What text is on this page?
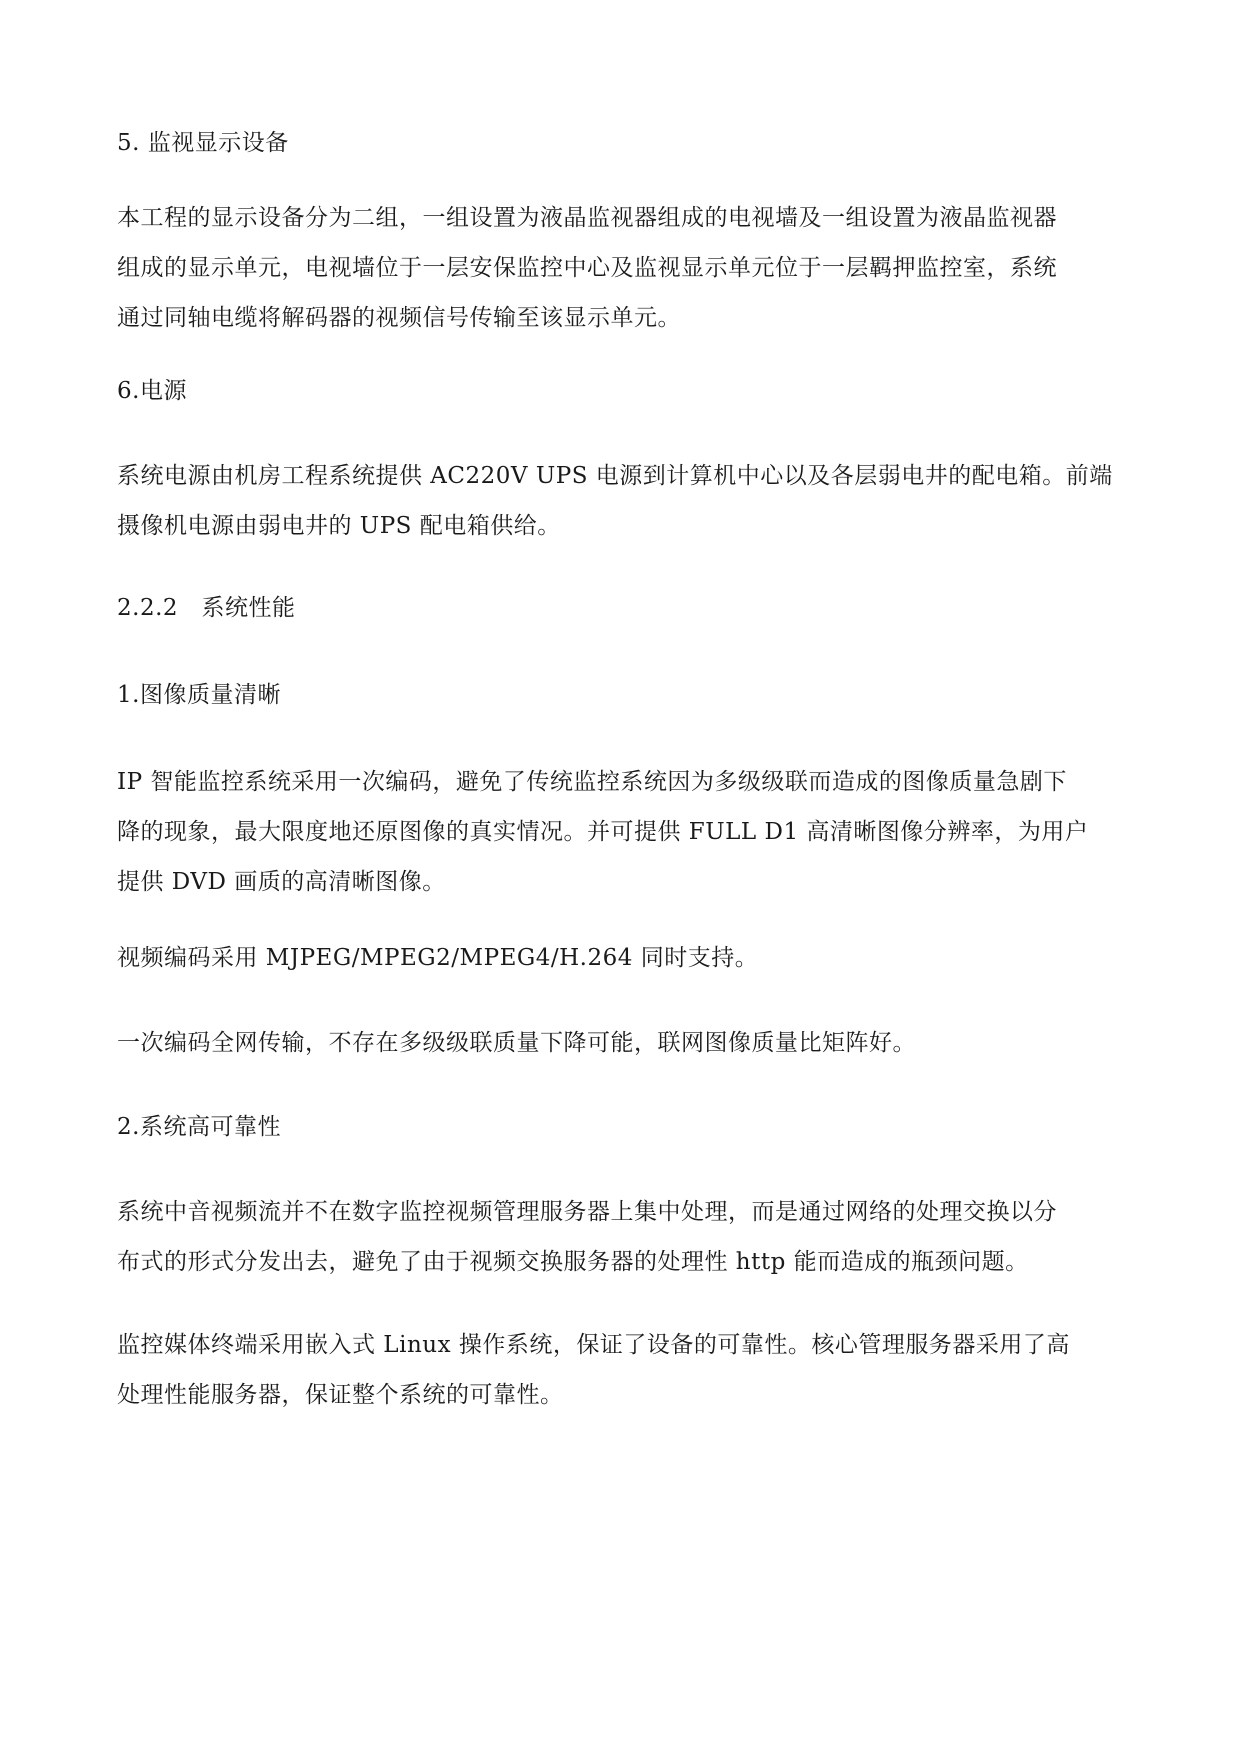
5. 监视显示设备

本工程的显示设备分为二组，一组设置为液晶监视器组成的电视墙及一组设置为液晶监视器
组成的显示单元，电视墙位于一层安保监控中心及监视显示单元位于一层羁押监控室，系统
通过同轴电缆将解码器的视频信号传输至该显示单元。

6.电源

系统电源由机房工程系统提供 AC220V UPS 电源到计算机中心以及各层弱电井的配电箱。前端
摄像机电源由弱电井的 UPS 配电箱供给。

2.2.2　系统性能

1.图像质量清晰

IP 智能监控系统采用一次编码，避免了传统监控系统因为多级级联而造成的图像质量急剧下
降的现象，最大限度地还原图像的真实情况。并可提供 FULL D1 高清晰图像分辨率，为用户
提供 DVD 画质的高清晰图像。

视频编码采用 MJPEG/MPEG2/MPEG4/H.264 同时支持。

一次编码全网传输，不存在多级级联质量下降可能，联网图像质量比矩阵好。

2.系统高可靠性

系统中音视频流并不在数字监控视频管理服务器上集中处理，而是通过网络的处理交换以分
布式的形式分发出去，避免了由于视频交换服务器的处理性 http 能而造成的瓶颈问题。

监控媒体终端采用嵌入式 Linux 操作系统，保证了设备的可靠性。核心管理服务器采用了高
处理性能服务器，保证整个系统的可靠性。
